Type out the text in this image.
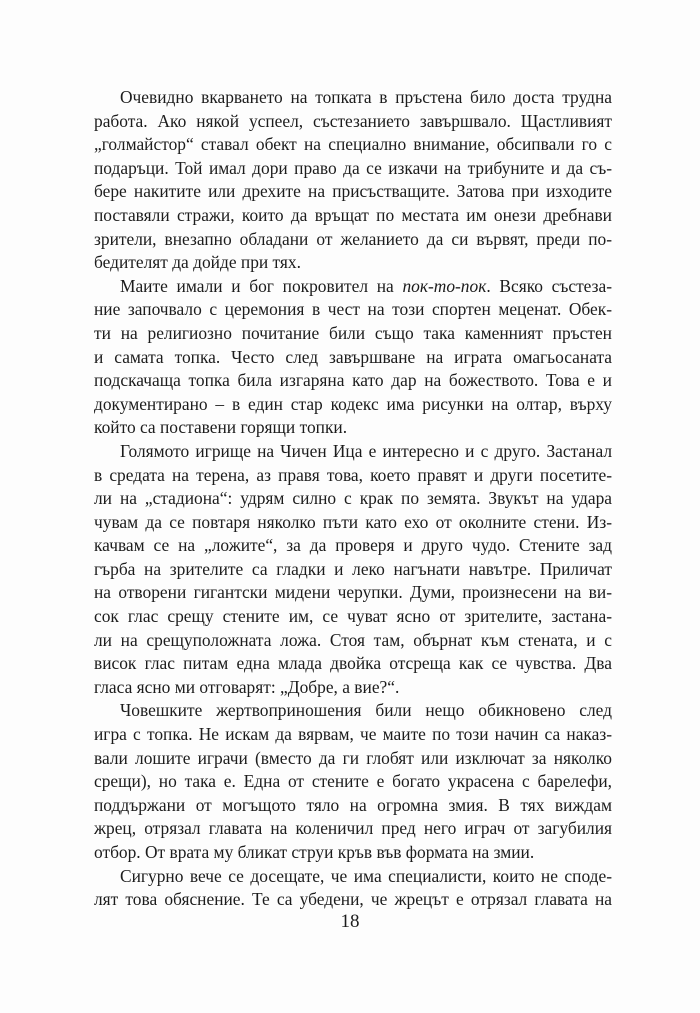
Очевидно вкарването на топката в пръстена било доста трудна
работа. Ако някой успеел, състезанието завършвало. Щастливият
„голмайстор“ ставал обект на специално внимание, обсипвали го с
подаръци. Той имал дори право да се изкачи на трибуните и да съ-
бере накитите или дрехите на присъстващите. Затова при изходите
поставяли стражи, които да връщат по местата им онези дребнави
зрители, внезапно обладани от желанието да си вървят, преди по-
бедителят да дойде при тях.

Маите имали и бог покровител на пок-то-пок. Всяко състеза-
ние започвало с церемония в чест на този спортен меценат. Обек-
ти на религиозно почитание били също така каменният пръстен
и самата топка. Често след завършване на играта омагьосаната
подскачаща топка била изгаряна като дар на божеството. Това е и
документирано – в един стар кодекс има рисунки на олтар, върху
който са поставени горящи топки.

Голямото игрище на Чичен Ица е интересно и с друго. Застанал
в средата на терена, аз правя това, което правят и други посетите-
ли на „стадиона“: удрям силно с крак по земята. Звукът на удара
чувам да се повтаря няколко пъти като ехо от околните стени. Из-
качвам се на „ложите“, за да проверя и друго чудо. Стените зад
гърба на зрителите са гладки и леко нагънати навътре. Приличат
на отворени гигантски мидени черупки. Думи, произнесени на ви-
сок глас срещу стените им, се чуват ясно от зрителите, застана-
ли на срещуположната ложа. Стоя там, обърнат към стената, и с
висок глас питам една млада двойка отсреща как се чувства. Два
гласа ясно ми отговарят: „Добре, а вие?“.

Човешките жертвоприношения били нещо обикновено след
игра с топка. Не искам да вярвам, че маите по този начин са наказ-
вали лошите играчи (вместо да ги глобят или изключат за няколко
срещи), но така е. Една от стените е богато украсена с барелефи,
поддържани от могъщото тяло на огромна змия. В тях виждам
жрец, отрязал главата на коленичил пред него играч от загубилия
отбор. От врата му бликат струи кръв във формата на змии.

Сигурно вече се досещате, че има специалисти, които не споде-
лят това обяснение. Те са убедени, че жрецът е отрязал главата на

18
